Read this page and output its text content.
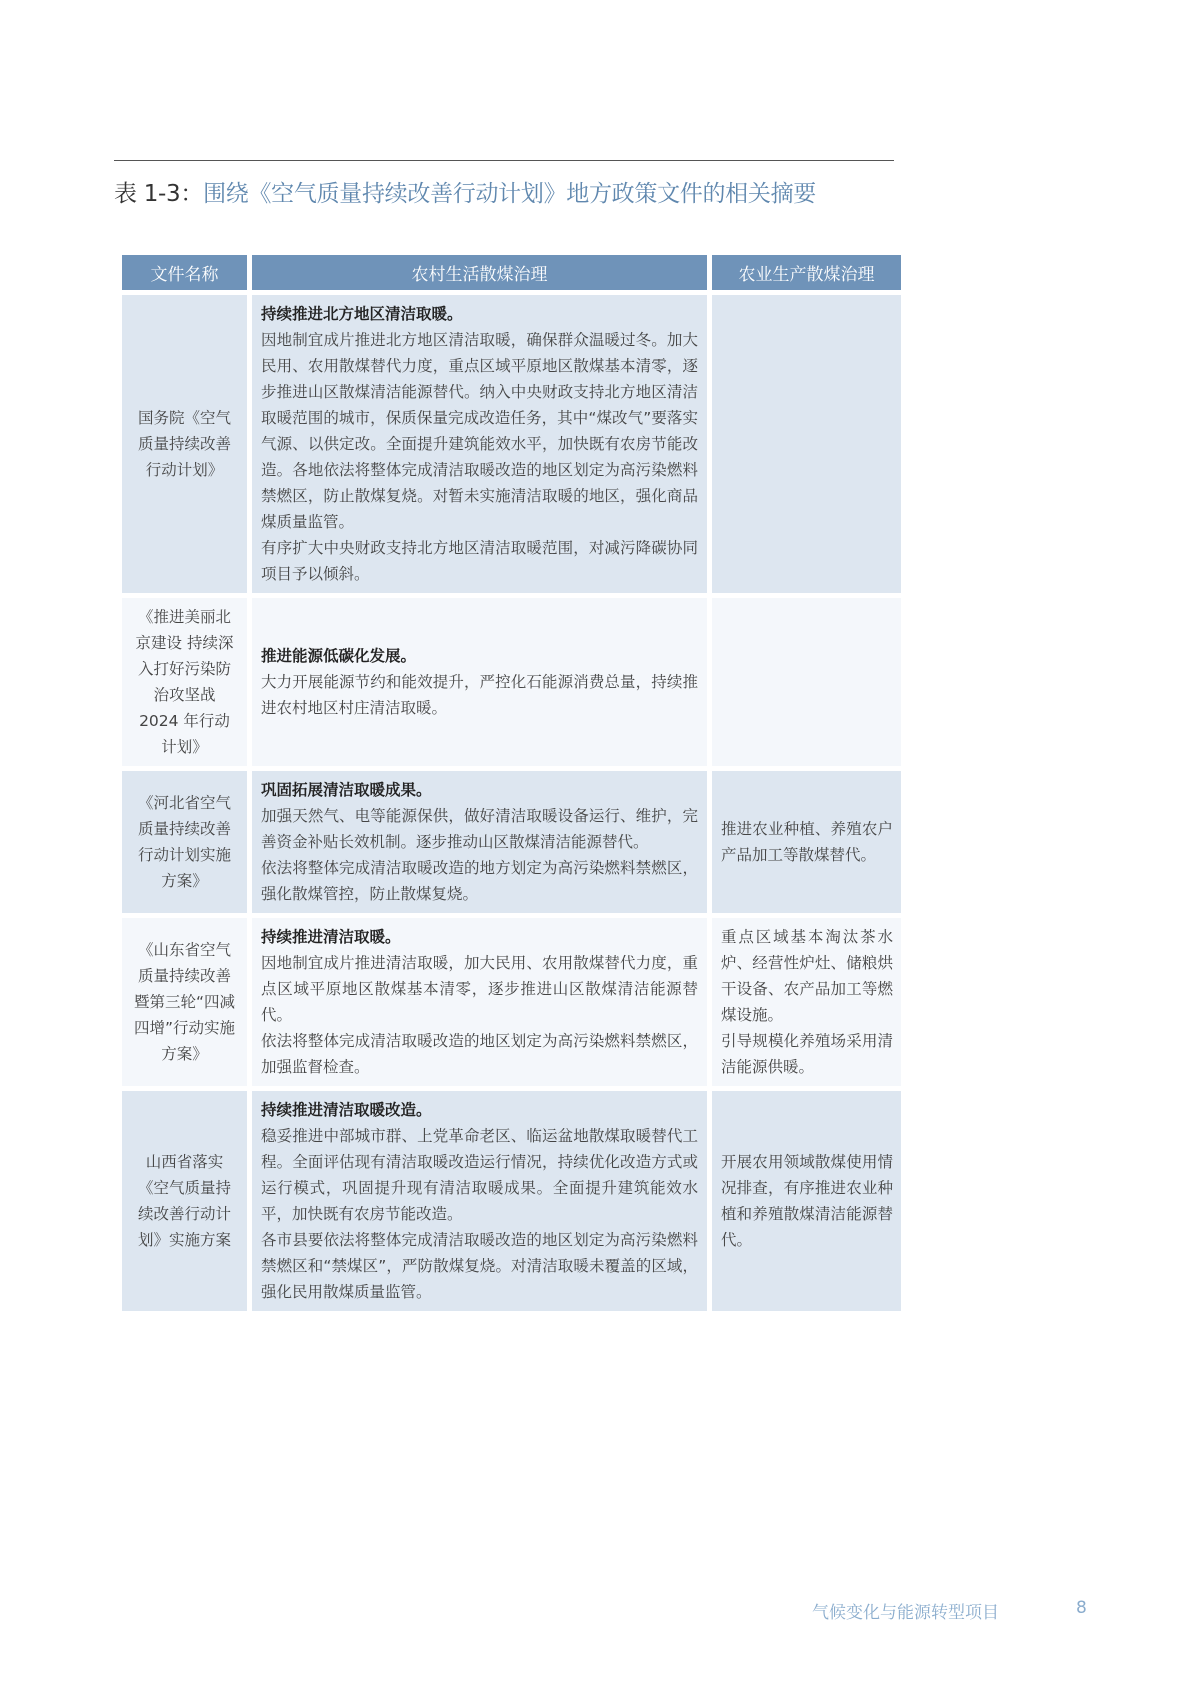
表 1-3：围绕《空气质量持续改善行动计划》地方政策文件的相关摘要
文件名称	农村生活散煤治理	农业生产散煤治理
国务院《空气质量持续改善行动计划》	持续推进北方地区清洁取暖。
因地制宜成片推进北方地区清洁取暖，确保群众温暖过冬。加大民用、农用散煤替代力度，重点区域平原地区散煤基本清零，逐步推进山区散煤清洁能源替代。纳入中央财政支持北方地区清洁取暖范围的城市，保质保量完成改造任务，其中“煤改气”要落实气源、以供定改。全面提升建筑能效水平，加快既有农房节能改造。各地依法将整体完成清洁取暖改造的地区划定为高污染燃料禁燃区，防止散煤复烧。对暂未实施清洁取暖的地区，强化商品煤质量监管。
有序扩大中央财政支持北方地区清洁取暖范围，对减污降碳协同项目予以倾斜。	

《推进美丽北京建设 持续深入打好污染防治攻坚战 2024 年行动计划》	推进能源低碳化发展。
大力开展能源节约和能效提升，严控化石能源消费总量，持续推进农村地区村庄清洁取暖。	

《河北省空气质量持续改善行动计划实施方案》	巩固拓展清洁取暖成果。
加强天然气、电等能源保供，做好清洁取暖设备运行、维护，完善资金补贴长效机制。逐步推动山区散煤清洁能源替代。
依法将整体完成清洁取暖改造的地方划定为高污染燃料禁燃区，强化散煤管控，防止散煤复烧。	推进农业种植、养殖农户产品加工等散煤替代。

《山东省空气质量持续改善暨第三轮“四减四增”行动实施方案》	持续推进清洁取暖。
因地制宜成片推进清洁取暖，加大民用、农用散煤替代力度，重点区域平原地区散煤基本清零，逐步推进山区散煤清洁能源替代。
依法将整体完成清洁取暖改造的地区划定为高污染燃料禁燃区，加强监督检查。	重点区域基本淘汰茶水炉、经营性炉灶、储粮烘干设备、农产品加工等燃煤设施。
引导规模化养殖场采用清洁能源供暖。

山西省落实《空气质量持续改善行动计划》实施方案	持续推进清洁取暖改造。
稳妥推进中部城市群、上党革命老区、临运盆地散煤取暖替代工程。全面评估现有清洁取暖改造运行情况，持续优化改造方式或运行模式，巩固提升现有清洁取暖成果。全面提升建筑能效水平，加快既有农房节能改造。
各市县要依法将整体完成清洁取暖改造的地区划定为高污染燃料禁燃区和“禁煤区”，严防散煤复烧。对清洁取暖未覆盖的区域，强化民用散煤质量监管。	开展农用领域散煤使用情况排查，有序推进农业种植和养殖散煤清洁能源替代。
气候变化与能源转型项目	8
